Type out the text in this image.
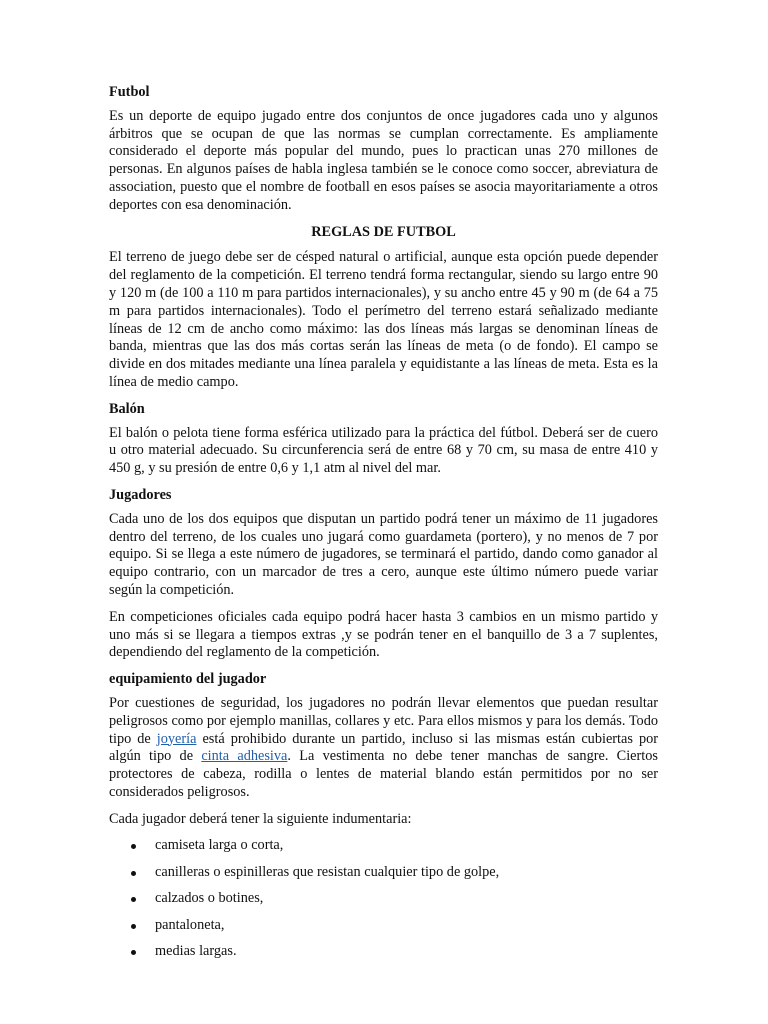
Futbol

Es un deporte de equipo jugado entre dos conjuntos de once jugadores cada uno y algunos árbitros que se ocupan de que las normas se cumplan correctamente. Es ampliamente considerado el deporte más popular del mundo, pues lo practican unas 270 millones de personas. En algunos países de habla inglesa también se le conoce como soccer, abreviatura de association, puesto que el nombre de football en esos países se asocia mayoritariamente a otros deportes con esa denominación.

REGLAS DE FUTBOL

El terreno de juego debe ser de césped natural o artificial, aunque esta opción puede depender del reglamento de la competición. El terreno tendrá forma rectangular, siendo su largo entre 90 y 120 m (de 100 a 110 m para partidos internacionales), y su ancho entre 45 y 90 m (de 64 a 75 m para partidos internacionales). Todo el perímetro del terreno estará señalizado mediante líneas de 12 cm de ancho como máximo: las dos líneas más largas se denominan líneas de banda, mientras que las dos más cortas serán las líneas de meta (o de fondo). El campo se divide en dos mitades mediante una línea paralela y equidistante a las líneas de meta. Esta es la línea de medio campo.

Balón

El balón o pelota tiene forma esférica utilizado para la práctica del fútbol. Deberá ser de cuero u otro material adecuado. Su circunferencia será de entre 68 y 70 cm, su masa de entre 410 y 450 g, y su presión de entre 0,6 y 1,1 atm al nivel del mar.

Jugadores

Cada uno de los dos equipos que disputan un partido podrá tener un máximo de 11 jugadores dentro del terreno, de los cuales uno jugará como guardameta (portero), y no menos de 7 por equipo. Si se llega a este número de jugadores, se terminará el partido, dando como ganador al equipo contrario, con un marcador de tres a cero, aunque este último número puede variar según la competición.

En competiciones oficiales cada equipo podrá hacer hasta 3 cambios en un mismo partido y uno más si se llegara a tiempos extras ,y se podrán tener en el banquillo de 3 a 7 suplentes, dependiendo del reglamento de la competición.

equipamiento del jugador

Por cuestiones de seguridad, los jugadores no podrán llevar elementos que puedan resultar peligrosos como por ejemplo manillas, collares y etc. Para ellos mismos y para los demás. Todo tipo de joyería está prohibido durante un partido, incluso si las mismas están cubiertas por algún tipo de cinta adhesiva. La vestimenta no debe tener manchas de sangre. Ciertos protectores de cabeza, rodilla o lentes de material blando están permitidos por no ser considerados peligrosos.

Cada jugador deberá tener la siguiente indumentaria:

camiseta larga o corta,
canilleras o espinilleras que resistan cualquier tipo de golpe,
calzados o botines,
pantaloneta,
medias largas.
